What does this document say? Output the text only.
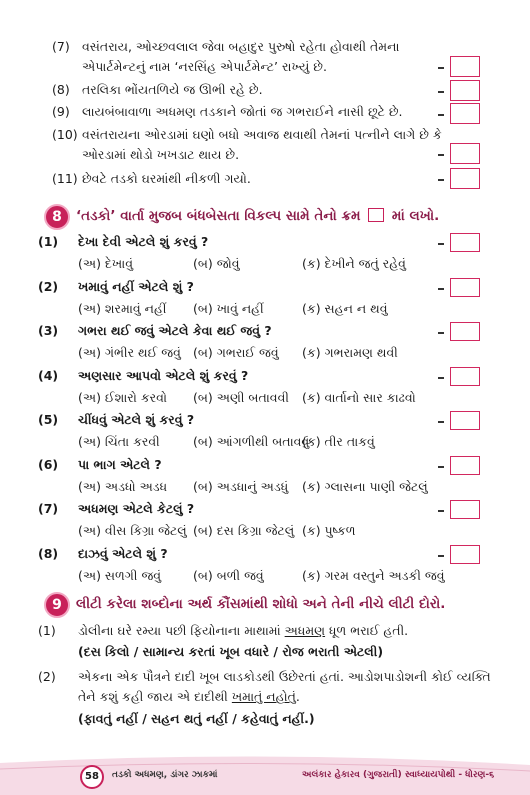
(7) વસંતરાય, ઓચ્છવલાલ જેવા બહાદુર પુરુષો રહેતા હોવાથી તેમના
એપાર્ટમેન્ટનું નામ ‘નરસિંહ એપાર્ટમેન્ટ’ રાખ્યું છે.
(8) તરલિકા ભોંયતળિયે જ ઊભી રહે છે.
(9) લાયબંબાવાળા અધમણ તડકાને જોતાં જ ગભરાઈને નાસી છૂટે છે.
(10) વસંતરાયના ઓરડામાં ઘણો બધો અવાજ થવાથી તેમનાં પત્નીને લાગે છે કે
ઓરડામાં થોડો ખખડાટ થાય છે.
(11) છેવટે તડકો ઘરમાંથી નીકળી ગયો.
8	‘તડકો’ વાર્તા મુજબ બંધબેસતા વિકલ્પ સામે તેનો ક્રમ માં લખો.
(1)	દેખા દેવી એટલે શું કરવું ?
(અ) દેખાવું	(બ) જોવું	(ક) દેખીને જતું રહેવું
(2)	ખમાવું નહીં એટલે શું ?
(અ) શરમાવું નહીં (બ) ખાવું નહીં	(ક) સહન ન થવું
(3)	ગભરા થઈ જવું એટલે કેવા થઈ જવું ?
(અ) ગંભીર થઈ જવું (બ) ગભરાઈ જવું (ક) ગભરામણ થવી
(4)	અણસાર આપવો એટલે શું કરવું ?
(અ) ઈશારો કરવો (બ) અણી બતાવવી (ક) વાર્તાનો સાર કાઢવો
(5)	ચીંધવું એટલે શું કરવું ?
(અ) ચિંતા કરવી	(બ) આંગળીથી બતાવવું
(ક) તીર તાકવું
(6)	પા ભાગ એટલે ?
(અ) અડધો અડધ (બ) અડધાનું અડધું (ક) ગ્લાસના પાણી જેટલું
(7)	અધમણ એટલે કેટલું ?
(અ) વીસ કિગ્રા જેટલું (બ) દસ કિગ્રા જેટલું (ક) પુષ્કળ
(8)	દાઝવું એટલે શું ?
(અ) સળગી જવું	(બ) બળી જવું	(ક) ગરમ વસ્તુને અડકી જવું
9	લીટી કરેલા શબ્દોના અર્થ કૌંસમાંથી શોધો અને તેની નીચે લીટી દોરો.
(1)	ડોલીના ઘરે રમ્યા પછી ફિયોનાના માથામાં અધમણ ધૂળ ભરાઈ હતી.
(દસ કિલો / સામાન્ય કરતાં ખૂબ વધારે / રોજ ભરાતી એટલી)
(2)	એકના એક પૌત્રને દાદી ખૂબ લાડકોડથી ઉછેરતાં હતાં. આડોશપાડોશની કોઈ વ્યક્તિ
તેને કશું કહી જાય એ દાદીથી ખમાતું નહોતું.
(ફાવતું નહીં / સહન થતું નહીં / કહેવાતું નહીં.)
58	તડકો અધમણ, ડાંગર ઝાકમાં	અલંકાર હેકારવ (ગુજરાતી) સ્વાધ્યાયપોથી - ધોરણ-૬
